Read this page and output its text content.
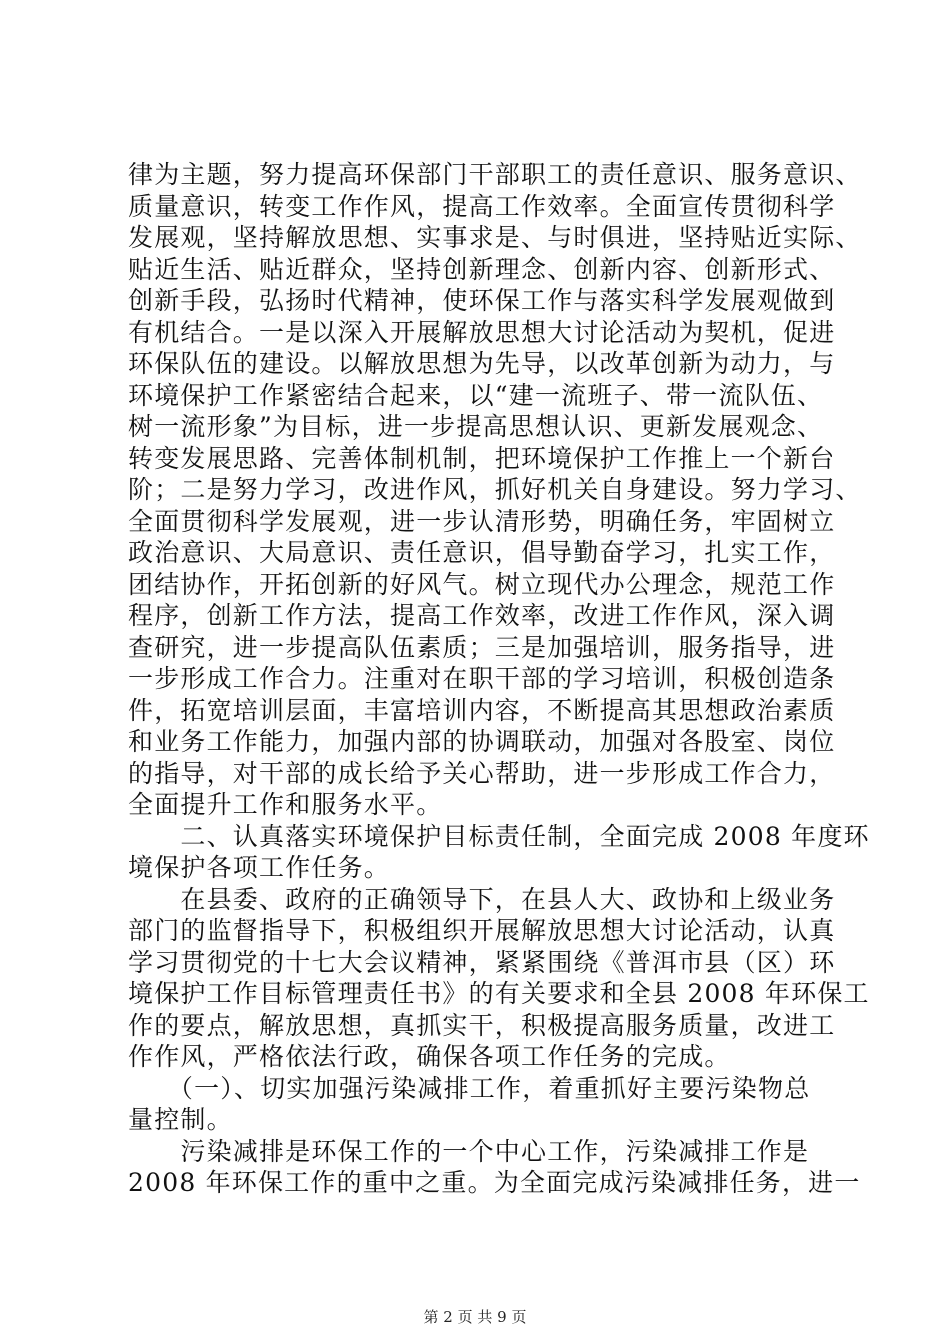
律为主题，努力提高环保部门干部职工的责任意识、服务意识、
质量意识，转变工作作风，提高工作效率。全面宣传贯彻科学
发展观，坚持解放思想、实事求是、与时俱进，坚持贴近实际、
贴近生活、贴近群众，坚持创新理念、创新内容、创新形式、
创新手段，弘扬时代精神，使环保工作与落实科学发展观做到
有机结合。一是以深入开展解放思想大讨论活动为契机，促进
环保队伍的建设。以解放思想为先导，以改革创新为动力，与
环境保护工作紧密结合起来，以“建一流班子、带一流队伍、
树一流形象”为目标，进一步提高思想认识、更新发展观念、
转变发展思路、完善体制机制，把环境保护工作推上一个新台
阶；二是努力学习，改进作风，抓好机关自身建设。努力学习、
全面贯彻科学发展观，进一步认清形势，明确任务，牢固树立
政治意识、大局意识、责任意识，倡导勤奋学习，扎实工作，
团结协作，开拓创新的好风气。树立现代办公理念，规范工作
程序，创新工作方法，提高工作效率，改进工作作风，深入调
查研究，进一步提高队伍素质；三是加强培训，服务指导，进
一步形成工作合力。注重对在职干部的学习培训，积极创造条
件，拓宽培训层面，丰富培训内容，不断提高其思想政治素质
和业务工作能力，加强内部的协调联动，加强对各股室、岗位
的指导，对干部的成长给予关心帮助，进一步形成工作合力，
全面提升工作和服务水平。
　　二、认真落实环境保护目标责任制，全面完成 2008 年度环
境保护各项工作任务。
　　在县委、政府的正确领导下，在县人大、政协和上级业务
部门的监督指导下，积极组织开展解放思想大讨论活动，认真
学习贯彻党的十七大会议精神，紧紧围绕《普洱市县（区）环
境保护工作目标管理责任书》的有关要求和全县 2008 年环保工
作的要点，解放思想，真抓实干，积极提高服务质量，改进工
作作风，严格依法行政，确保各项工作任务的完成。
　　（一）、切实加强污染减排工作，着重抓好主要污染物总
量控制。
　　污染减排是环保工作的一个中心工作，污染减排工作是
2008 年环保工作的重中之重。为全面完成污染减排任务，进一
第 2 页 共 9 页
